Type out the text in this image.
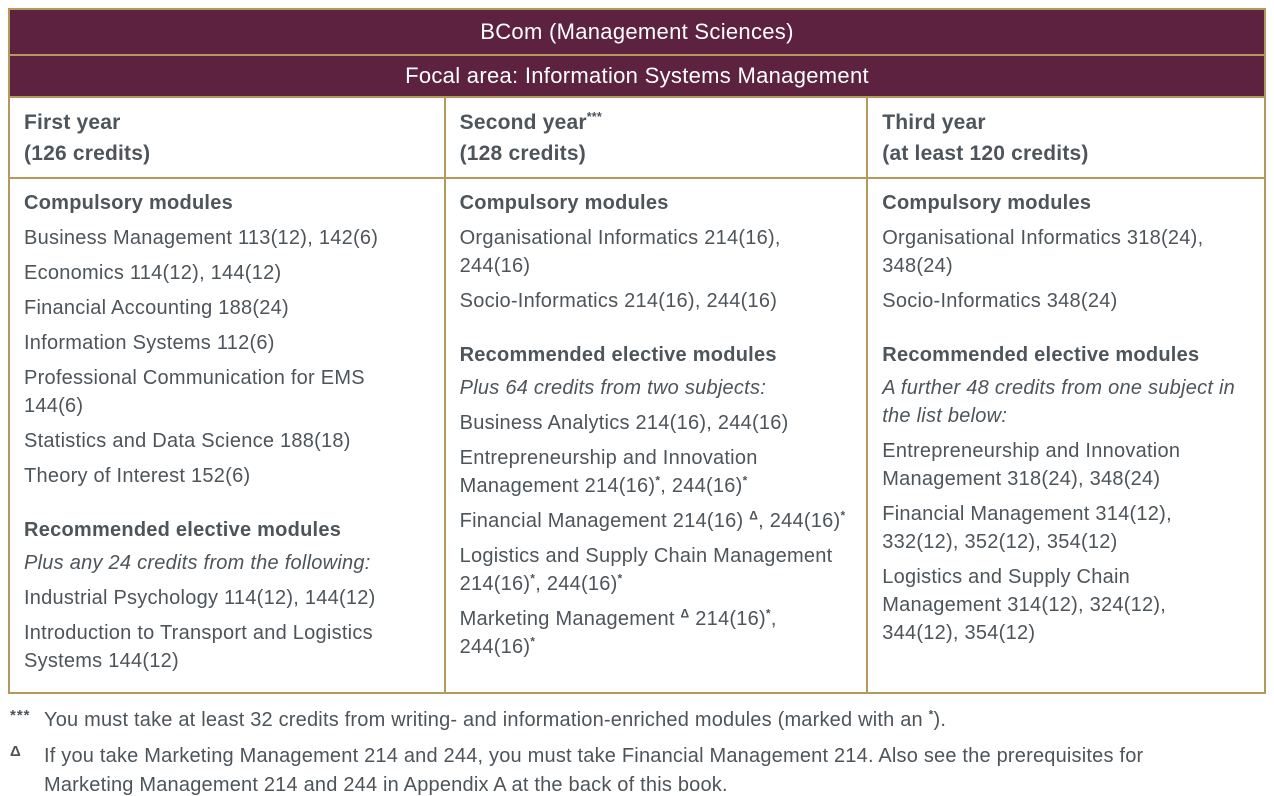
BCom (Management Sciences)
Focal area: Information Systems Management
First year
(126 credits)
Second year***
(128 credits)
Third year
(at least 120 credits)

Compulsory modules

Business Management 113(12), 142(6)

Economics 114(12), 144(12)

Financial Accounting 188(24)

Information Systems 112(6)

Professional Communication for EMS 144(6)

Statistics and Data Science 188(18)

Theory of Interest 152(6)

Recommended elective modules

Plus any 24 credits from the following:

Industrial Psychology 114(12), 144(12)

Introduction to Transport and Logistics Systems 144(12)

Compulsory modules

Organisational Informatics 214(16), 244(16)

Socio-Informatics 214(16), 244(16)

Recommended elective modules

Plus 64 credits from two subjects:

Business Analytics 214(16), 244(16)

Entrepreneurship and Innovation Management 214(16)*, 244(16)*

Financial Management 214(16) $^\Delta$, 244(16)*

Logistics and Supply Chain Management 214(16)*, 244(16)*

Marketing Management $^\Delta$ 214(16)*, 244(16)*

Compulsory modules

Organisational Informatics 318(24), 348(24)

Socio-Informatics 348(24)

Recommended elective modules

A further 48 credits from one subject in the list below:

Entrepreneurship and Innovation Management 318(24), 348(24)

Financial Management 314(12), 332(12), 352(12), 354(12)

Logistics and Supply Chain Management 314(12), 324(12), 344(12), 354(12)

*** You must take at least 32 credits from writing- and information-enriched modules (marked with an *).
Δ	If you take Marketing Management 214 and 244, you must take Financial Management 214. Also see the prerequisites for Marketing Management 214 and 244 in Appendix A at the back of this book.
